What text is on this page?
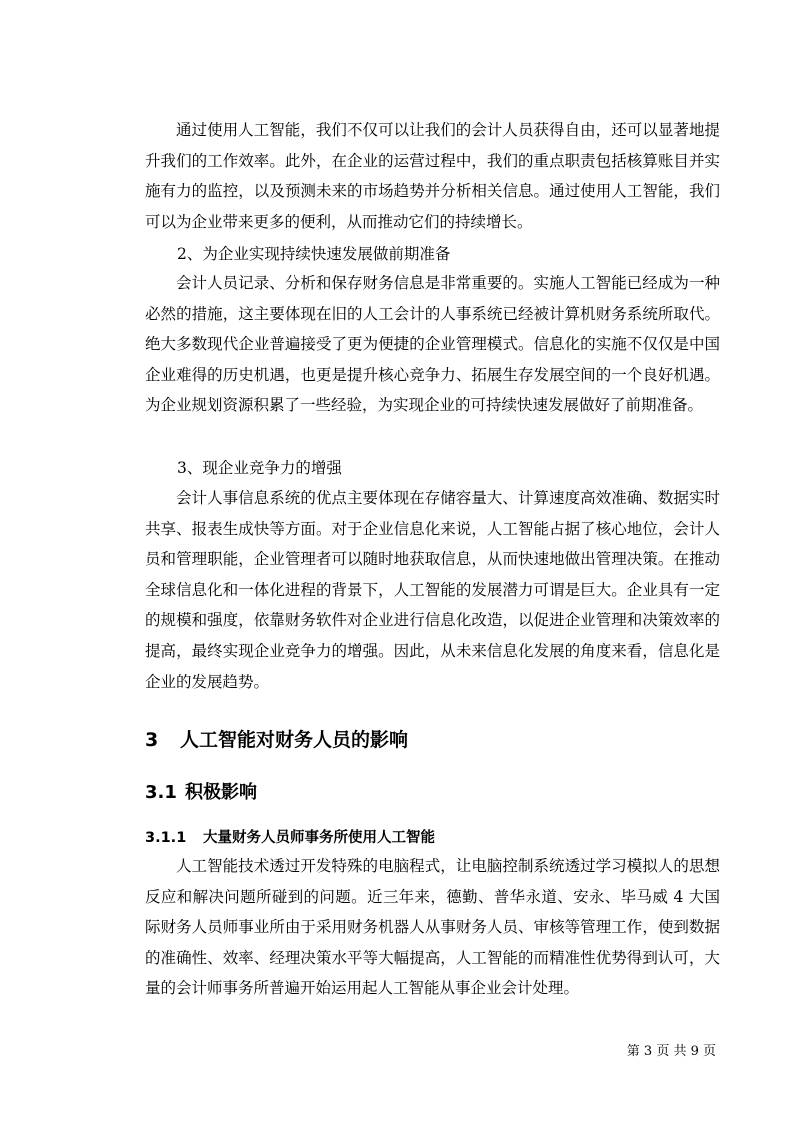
通过使用人工智能，我们不仅可以让我们的会计人员获得自由，还可以显著地提升我们的工作效率。此外，在企业的运营过程中，我们的重点职责包括核算账目并实施有力的监控，以及预测未来的市场趋势并分析相关信息。通过使用人工智能，我们可以为企业带来更多的便利，从而推动它们的持续增长。

2、为企业实现持续快速发展做前期准备

会计人员记录、分析和保存财务信息是非常重要的。实施人工智能已经成为一种必然的措施，这主要体现在旧的人工会计的人事系统已经被计算机财务系统所取代。绝大多数现代企业普遍接受了更为便捷的企业管理模式。信息化的实施不仅仅是中国企业难得的历史机遇，也更是提升核心竞争力、拓展生存发展空间的一个良好机遇。为企业规划资源积累了一些经验，为实现企业的可持续快速发展做好了前期准备。

3、现企业竞争力的增强

会计人事信息系统的优点主要体现在存储容量大、计算速度高效准确、数据实时共享、报表生成快等方面。对于企业信息化来说，人工智能占据了核心地位，会计人员和管理职能，企业管理者可以随时地获取信息，从而快速地做出管理决策。在推动全球信息化和一体化进程的背景下，人工智能的发展潜力可谓是巨大。企业具有一定的规模和强度，依靠财务软件对企业进行信息化改造，以促进企业管理和决策效率的提高，最终实现企业竞争力的增强。因此，从未来信息化发展的角度来看，信息化是企业的发展趋势。

3 人工智能对财务人员的影响
3.1 积极影响
3.1.1 大量财务人员师事务所使用人工智能

人工智能技术透过开发特殊的电脑程式，让电脑控制系统透过学习模拟人的思想反应和解决问题所碰到的问题。近三年来，德勤、普华永道、安永、毕马威 4 大国际财务人员师事业所由于采用财务机器人从事财务人员、审核等管理工作，使到数据的准确性、效率、经理决策水平等大幅提高，人工智能的而精准性优势得到认可，大量的会计师事务所普遍开始运用起人工智能从事企业会计处理。

第 3 页 共 9 页
